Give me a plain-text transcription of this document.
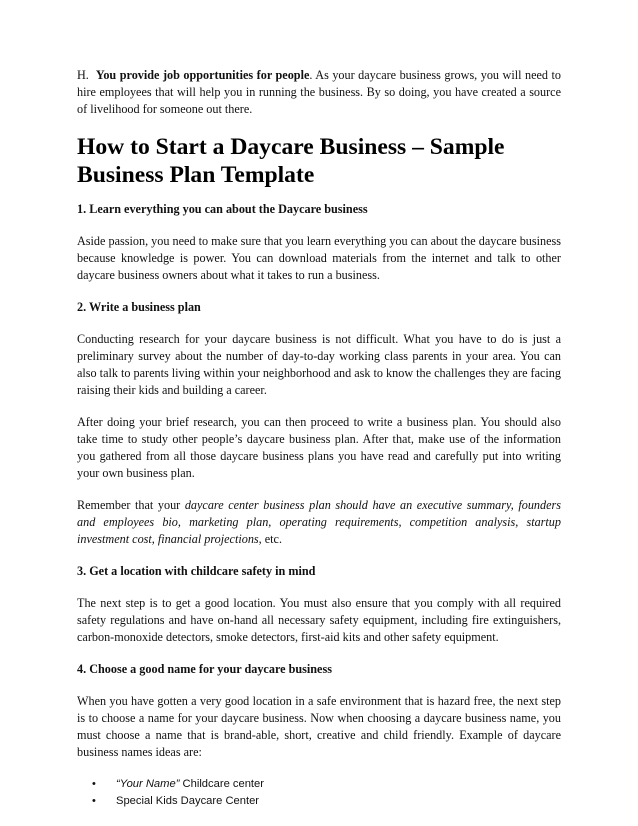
H. You provide job opportunities for people. As your daycare business grows, you will need to hire employees that will help you in running the business. By so doing, you have created a source of livelihood for someone out there.

How to Start a Daycare Business – Sample Business Plan Template
1. Learn everything you can about the Daycare business

Aside passion, you need to make sure that you learn everything you can about the daycare business because knowledge is power. You can download materials from the internet and talk to other daycare business owners about what it takes to run a business.

2. Write a business plan

Conducting research for your daycare business is not difficult. What you have to do is just a preliminary survey about the number of day-to-day working class parents in your area. You can also talk to parents living within your neighborhood and ask to know the challenges they are facing raising their kids and building a career.

After doing your brief research, you can then proceed to write a business plan. You should also take time to study other people’s daycare business plan. After that, make use of the information you gathered from all those daycare business plans you have read and carefully put into writing your own business plan.

Remember that your daycare center business plan should have an executive summary, founders and employees bio, marketing plan, operating requirements, competition analysis, startup investment cost, financial projections, etc.

3. Get a location with childcare safety in mind

The next step is to get a good location. You must also ensure that you comply with all required safety regulations and have on-hand all necessary safety equipment, including fire extinguishers, carbon-monoxide detectors, smoke detectors, first-aid kits and other safety equipment.

4. Choose a good name for your daycare business

When you have gotten a very good location in a safe environment that is hazard free, the next step is to choose a name for your daycare business. Now when choosing a daycare business name, you must choose a name that is brand-able, short, creative and child friendly. Example of daycare business names ideas are:

•“Your Name” Childcare center
•Special Kids Daycare Center
